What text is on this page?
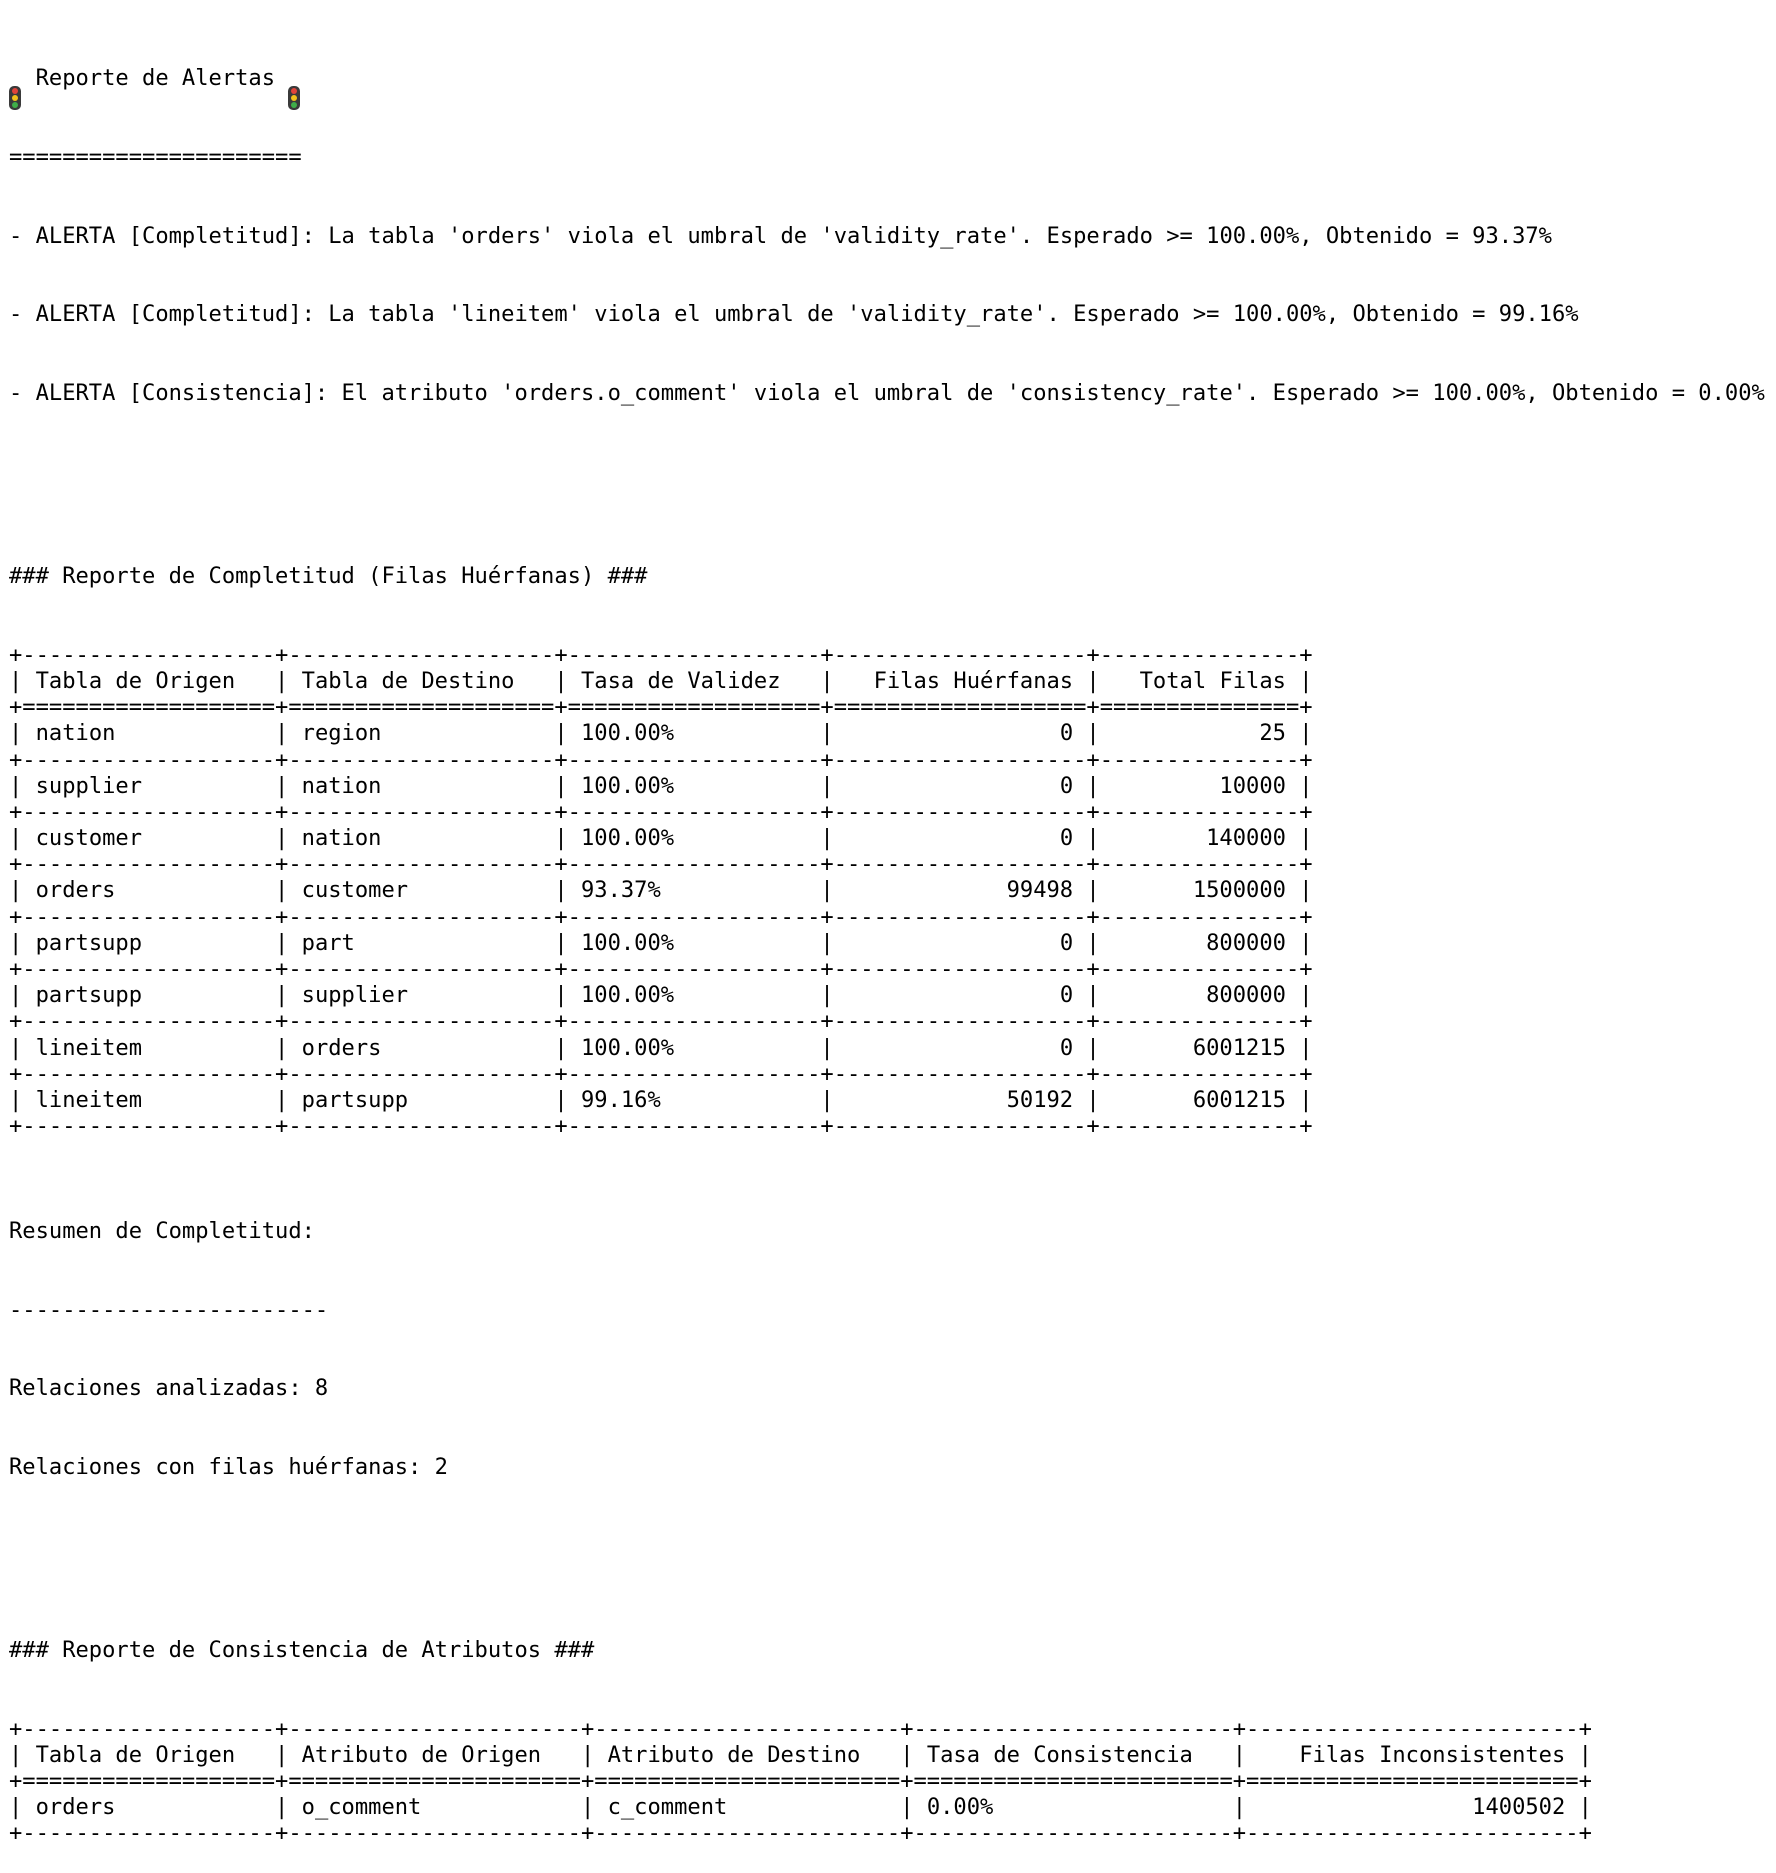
Reporte de Alertas

======================

- ALERTA [Completitud]: La tabla 'orders' viola el umbral de 'validity_rate'. Esperado >= 100.00%, Obtenido = 93.37%

- ALERTA [Completitud]: La tabla 'lineitem' viola el umbral de 'validity_rate'. Esperado >= 100.00%, Obtenido = 99.16%

- ALERTA [Consistencia]: El atributo 'orders.o_comment' viola el umbral de 'consistency_rate'. Esperado >= 100.00%, Obtenido = 0.00%

### Reporte de Completitud (Filas Huérfanas) ###

+-------------------+--------------------+-------------------+-------------------+---------------+
| Tabla de Origen | Tabla de Destino | Tasa de Validez | Filas Huérfanas | Total Filas |
+===================+====================+===================+===================+===============+
| nation	| region	| 100.00%	|	0 |	25 |
+-------------------+--------------------+-------------------+-------------------+---------------+
| supplier	| nation	| 100.00%	|	0 |	10000 |
+-------------------+--------------------+-------------------+-------------------+---------------+
| customer	| nation	| 100.00%	|	0 |	140000 |
+-------------------+--------------------+-------------------+-------------------+---------------+
| orders	| customer	| 93.37%	|	99498 |	1500000 |
+-------------------+--------------------+-------------------+-------------------+---------------+
| partsupp	| part	| 100.00%	|	0 |	800000 |
+-------------------+--------------------+-------------------+-------------------+---------------+
| partsupp	| supplier	| 100.00%	|	0 |	800000 |
+-------------------+--------------------+-------------------+-------------------+---------------+
| lineitem	| orders	| 100.00%	|	0 |	6001215 |
+-------------------+--------------------+-------------------+-------------------+---------------+
| lineitem	| partsupp	| 99.16%	|	50192 |	6001215 |
+-------------------+--------------------+-------------------+-------------------+---------------+

Resumen de Completitud:

------------------------

Relaciones analizadas: 8

Relaciones con filas huérfanas: 2

### Reporte de Consistencia de Atributos ###

+-------------------+----------------------+-----------------------+------------------------+-------------------------+
| Tabla de Origen | Atributo de Origen | Atributo de Destino | Tasa de Consistencia | Filas Inconsistentes |
+===================+======================+=======================+========================+=========================+
| orders	| o_comment	| c_comment	| 0.00%	|	1400502 |
+-------------------+----------------------+-----------------------+------------------------+-------------------------+
